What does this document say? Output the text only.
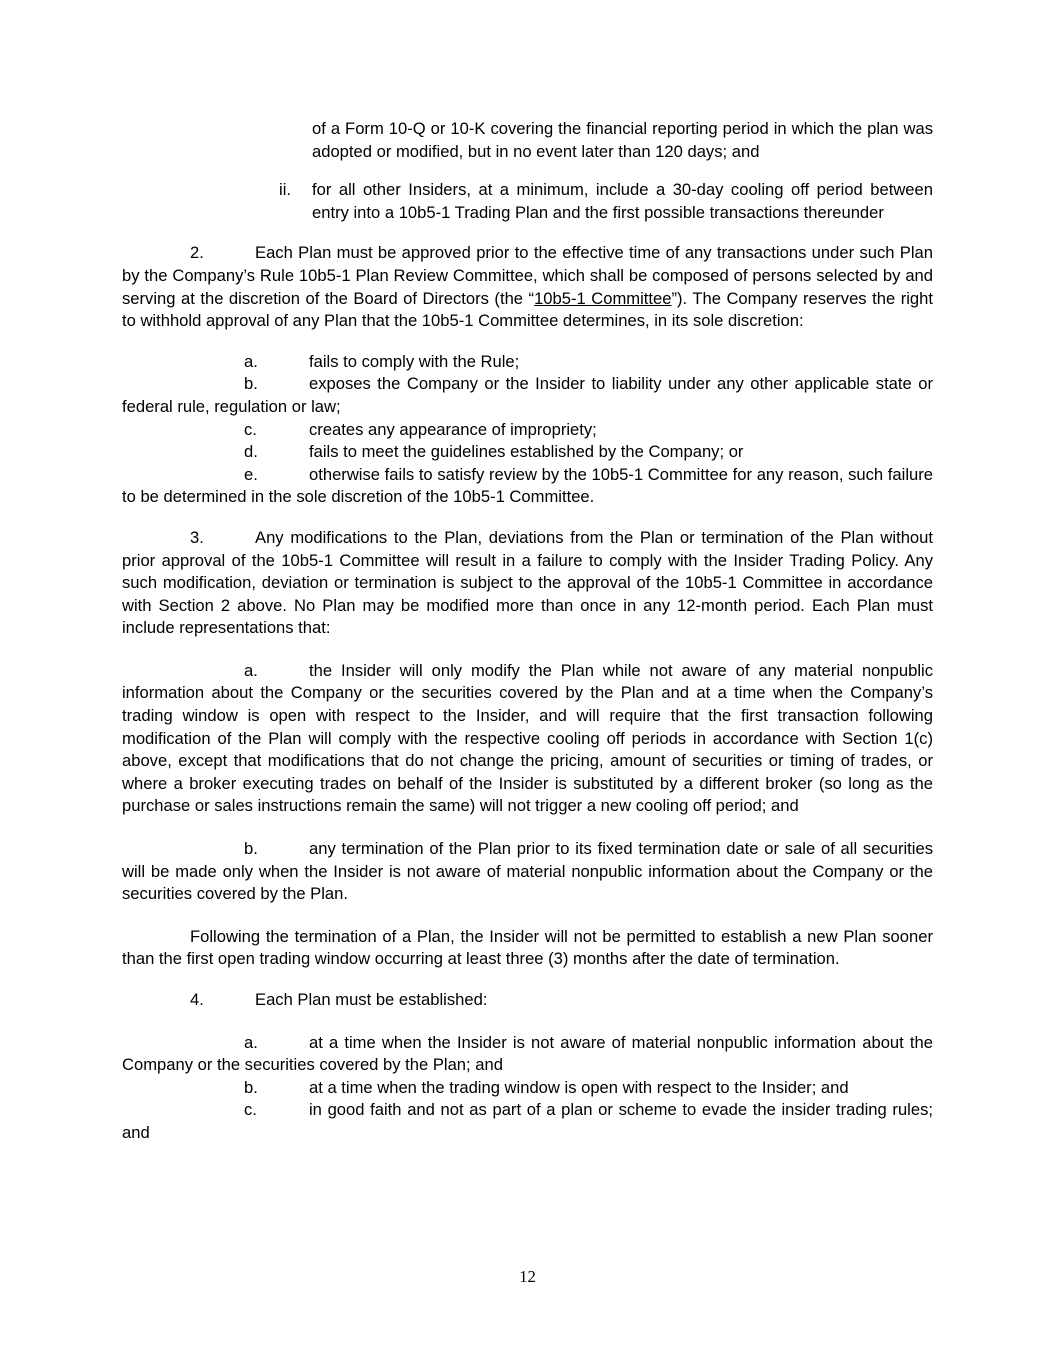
of a Form 10-Q or 10-K covering the financial reporting period in which the plan was adopted or modified, but in no event later than 120 days; and
ii. for all other Insiders, at a minimum, include a 30-day cooling off period between entry into a 10b5-1 Trading Plan and the first possible transactions thereunder
2.	Each Plan must be approved prior to the effective time of any transactions under such Plan by the Company’s Rule 10b5-1 Plan Review Committee, which shall be composed of persons selected by and serving at the discretion of the Board of Directors (the “10b5-1 Committee”). The Company reserves the right to withhold approval of any Plan that the 10b5-1 Committee determines, in its sole discretion:
a.	fails to comply with the Rule;
b.	exposes the Company or the Insider to liability under any other applicable state or federal rule, regulation or law;
c.	creates any appearance of impropriety;
d.	fails to meet the guidelines established by the Company; or
e.	otherwise fails to satisfy review by the 10b5-1 Committee for any reason, such failure to be determined in the sole discretion of the 10b5-1 Committee.
3.	Any modifications to the Plan, deviations from the Plan or termination of the Plan without prior approval of the 10b5-1 Committee will result in a failure to comply with the Insider Trading Policy. Any such modification, deviation or termination is subject to the approval of the 10b5-1 Committee in accordance with Section 2 above. No Plan may be modified more than once in any 12-month period. Each Plan must include representations that:
a.	the Insider will only modify the Plan while not aware of any material nonpublic information about the Company or the securities covered by the Plan and at a time when the Company’s trading window is open with respect to the Insider, and will require that the first transaction following modification of the Plan will comply with the respective cooling off periods in accordance with Section 1(c) above, except that modifications that do not change the pricing, amount of securities or timing of trades, or where a broker executing trades on behalf of the Insider is substituted by a different broker (so long as the purchase or sales instructions remain the same) will not trigger a new cooling off period; and
b.	any termination of the Plan prior to its fixed termination date or sale of all securities will be made only when the Insider is not aware of material nonpublic information about the Company or the securities covered by the Plan.
Following the termination of a Plan, the Insider will not be permitted to establish a new Plan sooner than the first open trading window occurring at least three (3) months after the date of termination.
4.	Each Plan must be established:
a.	at a time when the Insider is not aware of material nonpublic information about the Company or the securities covered by the Plan; and
b.	at a time when the trading window is open with respect to the Insider; and
c.	in good faith and not as part of a plan or scheme to evade the insider trading rules; and
12
